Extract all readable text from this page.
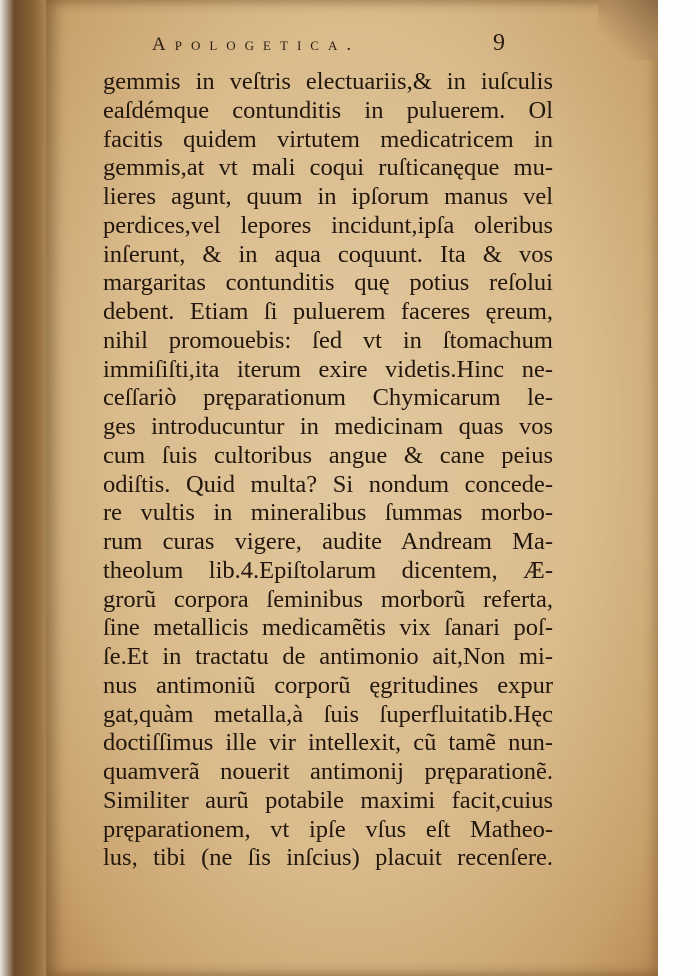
Apologetica.	9
gemmis in veſtris electuariis,& in iuſculis
eaſdémque contunditis in puluerem. Ol
facitis quidem virtutem medicatricem in
gemmis,at vt mali coqui ruſticanęque mu-
lieres agunt, quum in ipſorum manus vel
perdices,vel lepores incidunt,ipſa oleribus
inſerunt, & in aqua coquunt. Ita & vos
margaritas contunditis quę potius reſolui
debent. Etiam ſi puluerem faceres ęreum,
nihil promouebis: ſed vt in ſtomachum
immiſiſti,ita iterum exire videtis.Hinc ne-
ceſſariò pręparationum Chymicarum le-
ges introducuntur in medicinam quas vos
cum ſuis cultoribus angue & cane peius
odiſtis. Quid multa? Si nondum concede-
re vultis in mineralibus ſummas morbo-
rum curas vigere, audite Andream Ma-
theolum lib.4.Epiſtolarum dicentem, Æ-
grorũ corpora ſeminibus morborũ referta,
ſine metallicis medicamẽtis vix ſanari poſ-
ſe.Et in tractatu de antimonio ait,Non mi-
nus antimoniũ corporũ ęgritudines expur
gat,quàm metalla,à ſuis ſuperfluitatib.Hęc
doctiſſimus ille vir intellexit, cũ tamẽ nun-
quamverã nouerit antimonij pręparationẽ.
Similiter aurũ potabile maximi facit,cuius
pręparationem, vt ipſe vſus eſt Matheo-
lus, tibi (ne ſis inſcius) placuit recenſere.
